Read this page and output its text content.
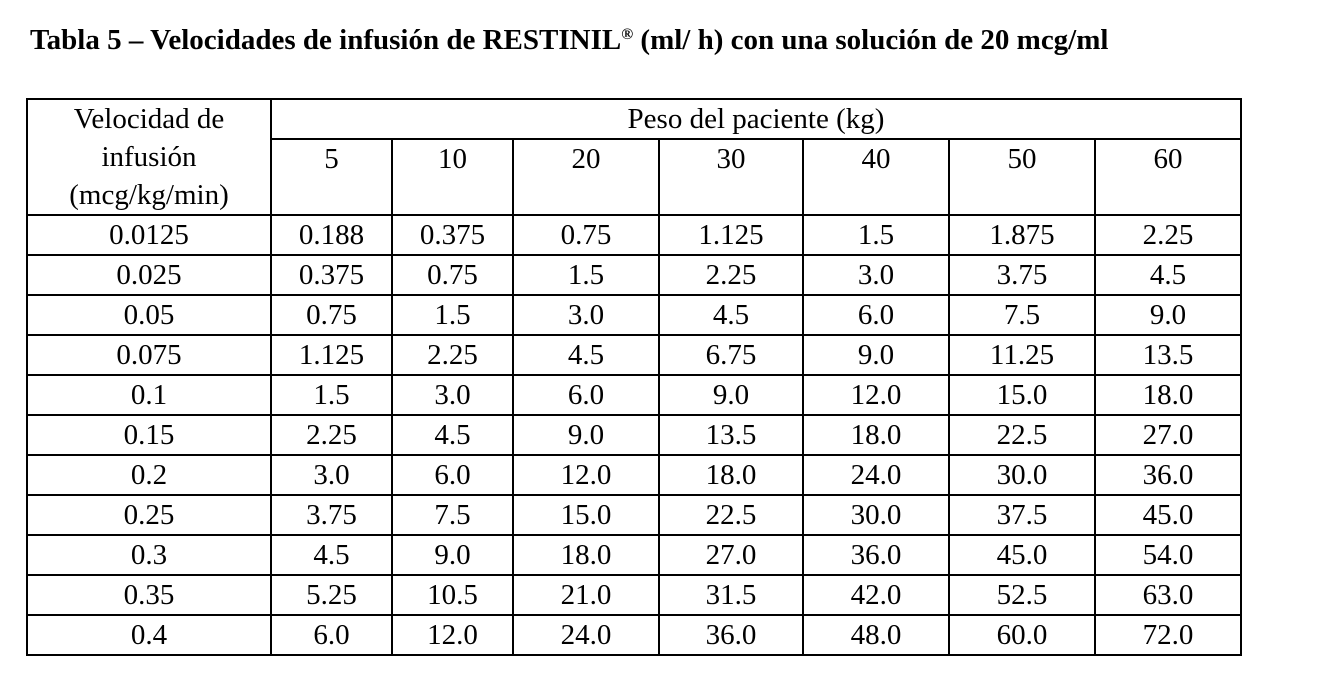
Tabla 5 – Velocidades de infusión de RESTINIL® (ml/ h) con una solución de 20 mcg/ml
Velocidad de
infusión
(mcg/kg/min)	Peso del paciente (kg)						
	5	10	20	30	40	50	60
0.0125	0.188	0.375	0.75	1.125	1.5	1.875	2.25
0.025	0.375	0.75	1.5	2.25	3.0	3.75	4.5
0.05	0.75	1.5	3.0	4.5	6.0	7.5	9.0
0.075	1.125	2.25	4.5	6.75	9.0	11.25	13.5
0.1	1.5	3.0	6.0	9.0	12.0	15.0	18.0
0.15	2.25	4.5	9.0	13.5	18.0	22.5	27.0
0.2	3.0	6.0	12.0	18.0	24.0	30.0	36.0
0.25	3.75	7.5	15.0	22.5	30.0	37.5	45.0
0.3	4.5	9.0	18.0	27.0	36.0	45.0	54.0
0.35	5.25	10.5	21.0	31.5	42.0	52.5	63.0
0.4	6.0	12.0	24.0	36.0	48.0	60.0	72.0
